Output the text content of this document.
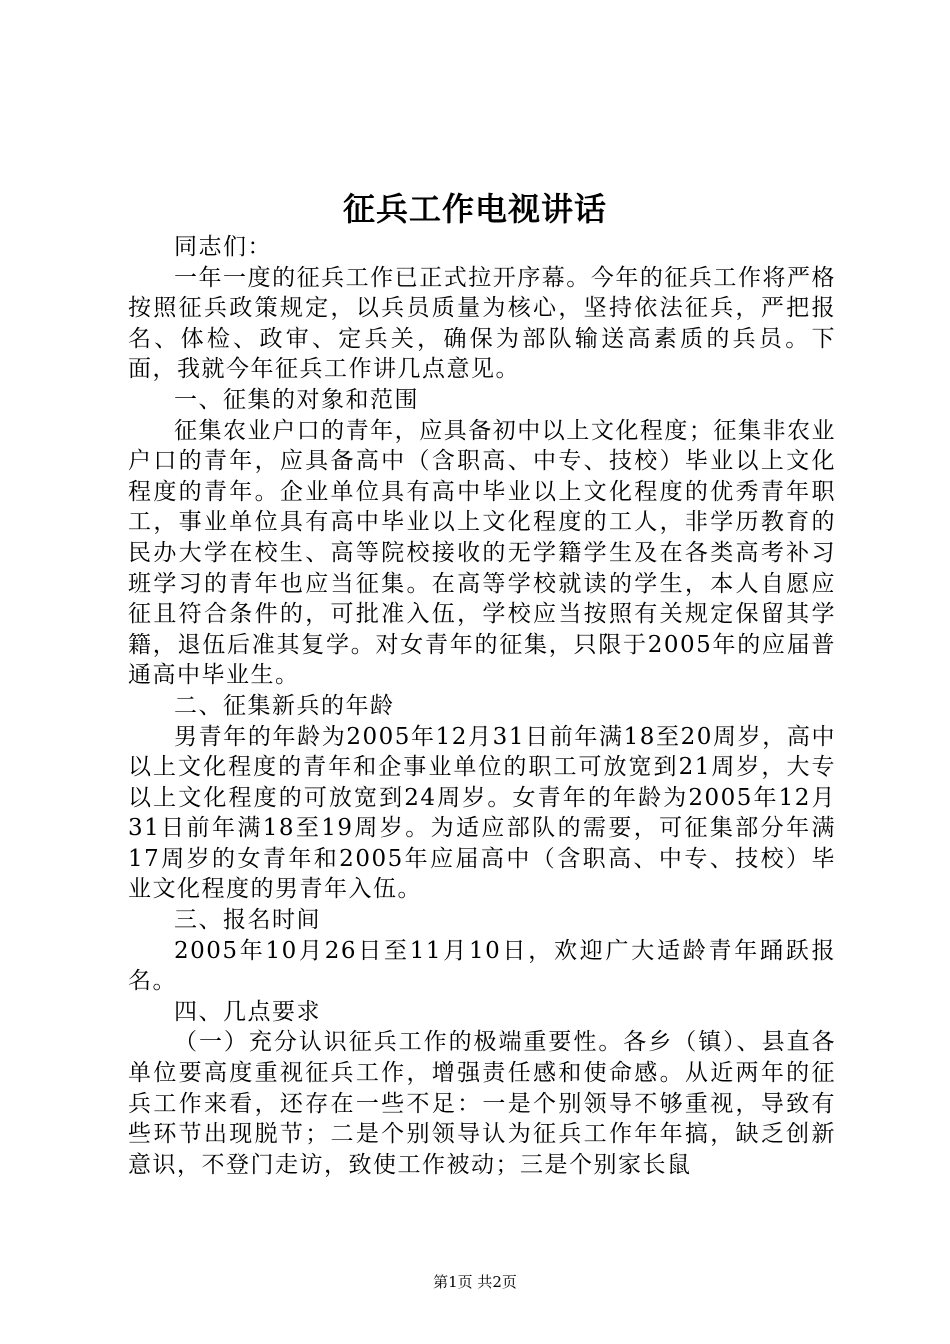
征兵工作电视讲话

同志们：

一年一度的征兵工作已正式拉开序幕。今年的征兵工作将严格按照征兵政策规定，以兵员质量为核心，坚持依法征兵，严把报名、体检、政审、定兵关，确保为部队输送高素质的兵员。下面，我就今年征兵工作讲几点意见。

一、征集的对象和范围

征集农业户口的青年，应具备初中以上文化程度；征集非农业户口的青年，应具备高中（含职高、中专、技校）毕业以上文化程度的青年。企业单位具有高中毕业以上文化程度的优秀青年职工，事业单位具有高中毕业以上文化程度的工人，非学历教育的民办大学在校生、高等院校接收的无学籍学生及在各类高考补习班学习的青年也应当征集。在高等学校就读的学生，本人自愿应征且符合条件的，可批准入伍，学校应当按照有关规定保留其学籍，退伍后准其复学。对女青年的征集，只限于2005年的应届普通高中毕业生。

二、征集新兵的年龄

男青年的年龄为2005年12月31日前年满18至20周岁，高中以上文化程度的青年和企事业单位的职工可放宽到21周岁，大专以上文化程度的可放宽到24周岁。女青年的年龄为2005年12月31日前年满18至19周岁。为适应部队的需要，可征集部分年满17周岁的女青年和2005年应届高中（含职高、中专、技校）毕业文化程度的男青年入伍。

三、报名时间

2005年10月26日至11月10日，欢迎广大适龄青年踊跃报名。

四、几点要求

（一）充分认识征兵工作的极端重要性。各乡（镇）、县直各单位要高度重视征兵工作，增强责任感和使命感。从近两年的征兵工作来看，还存在一些不足：一是个别领导不够重视，导致有些环节出现脱节；二是个别领导认为征兵工作年年搞，缺乏创新意识，不登门走访，致使工作被动；三是个别家长鼠

第1页 共2页
